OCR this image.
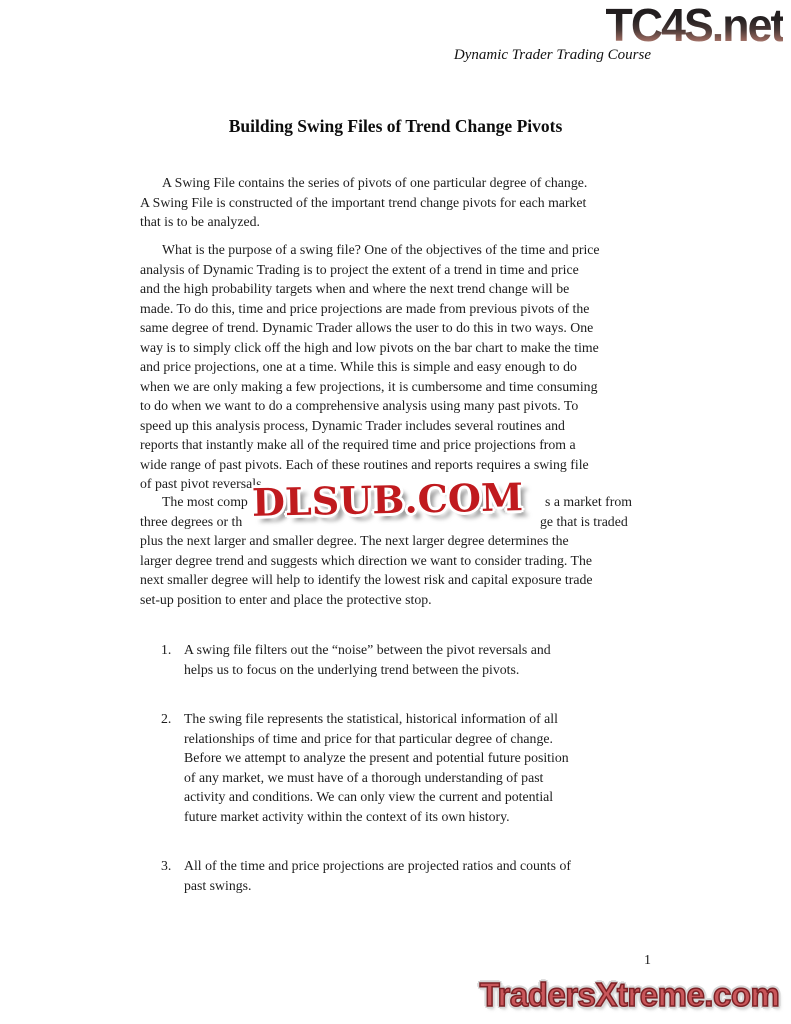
TC4S.net
Dynamic Trader Trading Course
Building Swing Files of Trend Change Pivots
A Swing File contains the series of pivots of one particular degree of change.
A Swing File is constructed of the important trend change pivots for each market
that is to be analyzed.
What is the purpose of a swing file? One of the objectives of the time and price
analysis of Dynamic Trading is to project the extent of a trend in time and price
and the high probability targets when and where the next trend change will be
made. To do this, time and price projections are made from previous pivots of the
same degree of trend. Dynamic Trader allows the user to do this in two ways. One
way is to simply click off the high and low pivots on the bar chart to make the time
and price projections, one at a time. While this is simple and easy enough to do
when we are only making a few projections, it is cumbersome and time consuming
to do when we want to do a comprehensive analysis using many past pivots. To
speed up this analysis process, Dynamic Trader includes several routines and
reports that instantly make all of the required time and price projections from a
wide range of past pivots. Each of these routines and reports requires a swing file
of past pivot reversals.
The most comp	s a market from
three degrees or th	ge that is traded
plus the next larger and smaller degree. The next larger degree determines the
larger degree trend and suggests which direction we want to consider trading. The
next smaller degree will help to identify the lowest risk and capital exposure trade
set-up position to enter and place the protective stop.
DLSUB.COM
1. A swing file filters out the “noise” between the pivot reversals and
helps us to focus on the underlying trend between the pivots.
2. The swing file represents the statistical, historical information of all
relationships of time and price for that particular degree of change.
Before we attempt to analyze the present and potential future position
of any market, we must have of a thorough understanding of past
activity and conditions. We can only view the current and potential
future market activity within the context of its own history.
3. All of the time and price projections are projected ratios and counts of
past swings.
1
TradersXtreme.com
